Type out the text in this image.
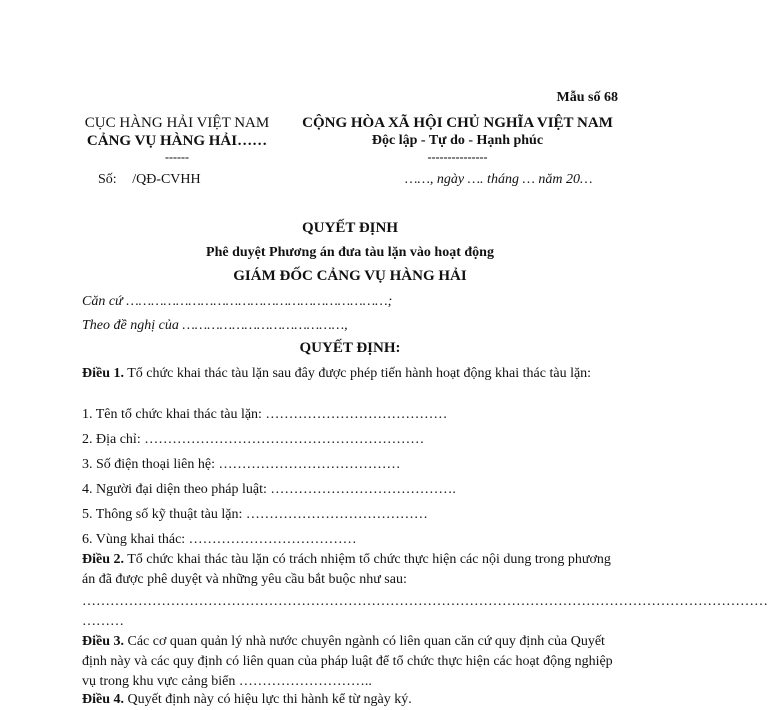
Mẫu số 68
CỤC HÀNG HẢI VIỆT NAM
CẢNG VỤ HÀNG HẢI……
------
Số: /QĐ-CVHH
CỘNG HÒA XÃ HỘI CHỦ NGHĨA VIỆT NAM
Độc lập - Tự do - Hạnh phúc
---------------
……, ngày …. tháng … năm 20…
QUYẾT ĐỊNH
Phê duyệt Phương án đưa tàu lặn vào hoạt động
GIÁM ĐỐC CẢNG VỤ HÀNG HẢI
Căn cứ ………………………………………………………;
Theo đề nghị của …………………………………,
QUYẾT ĐỊNH:
Điều 1. Tổ chức khai thác tàu lặn sau đây được phép tiến hành hoạt động khai thác tàu lặn:
1. Tên tổ chức khai thác tàu lặn: …………………………………
2. Địa chỉ: ……………………………………………………
3. Số điện thoại liên hệ: …………………………………
4. Người đại diện theo pháp luật: ………………………………….
5. Thông số kỹ thuật tàu lặn: …………………………………
6. Vùng khai thác: ………………………………
Điều 2. Tổ chức khai thác tàu lặn có trách nhiệm tổ chức thực hiện các nội dung trong phương án đã được phê duyệt và những yêu cầu bắt buộc như sau:
…………………………………………………………………………………………………………………………………
………
Điều 3. Các cơ quan quản lý nhà nước chuyên ngành có liên quan căn cứ quy định của Quyết định này và các quy định có liên quan của pháp luật để tổ chức thực hiện các hoạt động nghiệp vụ trong khu vực cảng biển ………………………..
Điều 4. Quyết định này có hiệu lực thi hành kể từ ngày ký.
